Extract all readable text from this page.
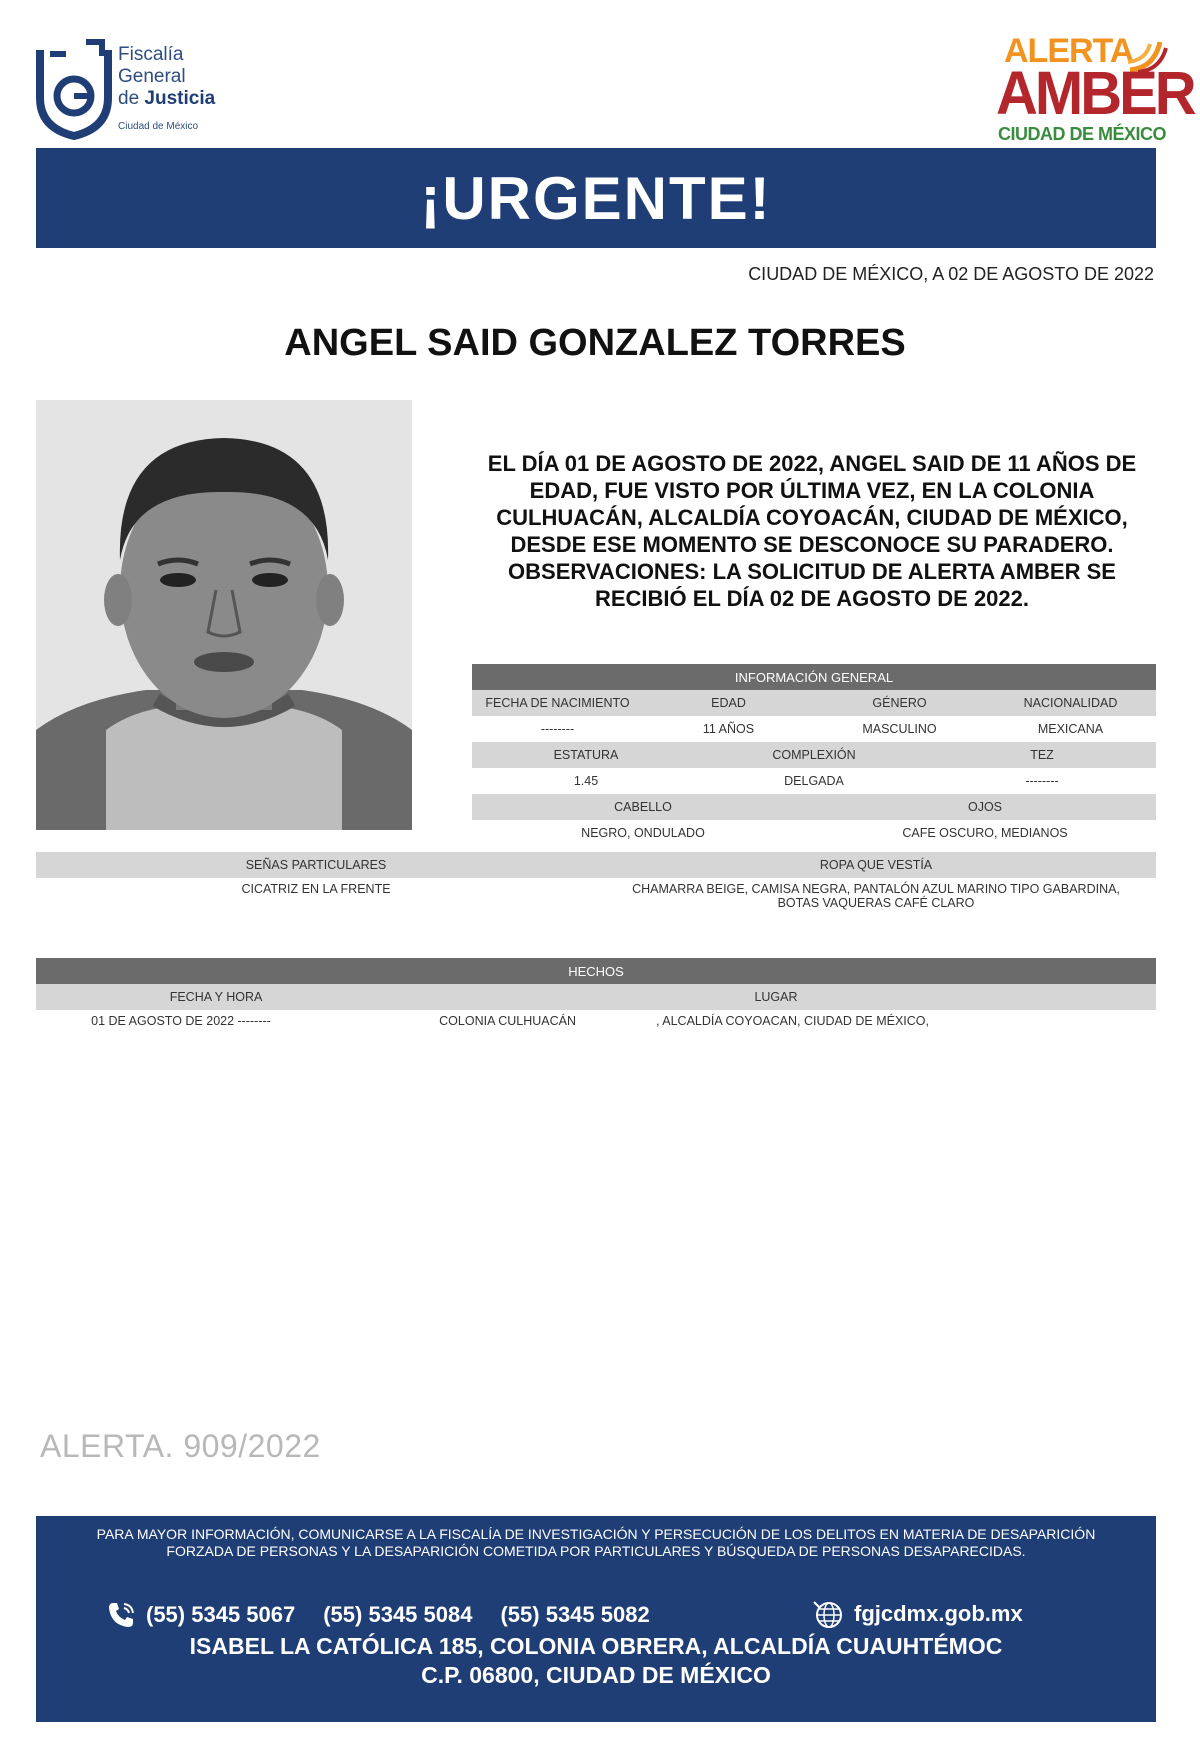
Fiscalía
General
de Justicia
Ciudad de México
ALERTA
AMBER
CIUDAD DE MÉXICO
¡URGENTE!
CIUDAD DE MÉXICO, A 02 DE AGOSTO DE 2022
ANGEL SAID GONZALEZ TORRES
EL DÍA 01 DE AGOSTO DE 2022, ANGEL SAID DE 11 AÑOS DE EDAD, FUE VISTO POR ÚLTIMA VEZ, EN LA COLONIA CULHUACÁN, ALCALDÍA COYOACÁN, CIUDAD DE MÉXICO, DESDE ESE MOMENTO SE DESCONOCE SU PARADERO. OBSERVACIONES: LA SOLICITUD DE ALERTA AMBER SE RECIBIÓ EL DÍA 02 DE AGOSTO DE 2022.
INFORMACIÓN GENERAL
FECHA DE NACIMIENTO	EDAD	GÉNERO	NACIONALIDAD
--------	11 AÑOS	MASCULINO	MEXICANA
ESTATURA	COMPLEXIÓN	TEZ
1.45	DELGADA	--------
CABELLO	OJOS
NEGRO, ONDULADO	CAFE OSCURO, MEDIANOS
SEÑAS PARTICULARES	ROPA QUE VESTÍA
CICATRIZ EN LA FRENTE	CHAMARRA BEIGE, CAMISA NEGRA, PANTALÓN AZUL MARINO TIPO GABARDINA,
BOTAS VAQUERAS CAFÉ CLARO
HECHOS
FECHA Y HORA	LUGAR
01 DE AGOSTO DE 2022 --------	COLONIA CULHUACÁN	, ALCALDÍA COYOACAN, CIUDAD DE MÉXICO,
ALERTA. 909/2022
PARA MAYOR INFORMACIÓN, COMUNICARSE A LA FISCALÍA DE INVESTIGACIÓN Y PERSECUCIÓN DE LOS DELITOS EN MATERIA DE DESAPARICIÓN
FORZADA DE PERSONAS Y LA DESAPARICIÓN COMETIDA POR PARTICULARES Y BÚSQUEDA DE PERSONAS DESAPARECIDAS.
(55) 5345 5067 (55) 5345 5084 (55) 5345 5082	fgjcdmx.gob.mx
ISABEL LA CATÓLICA 185, COLONIA OBRERA, ALCALDÍA CUAUHTÉMOC
C.P. 06800, CIUDAD DE MÉXICO
